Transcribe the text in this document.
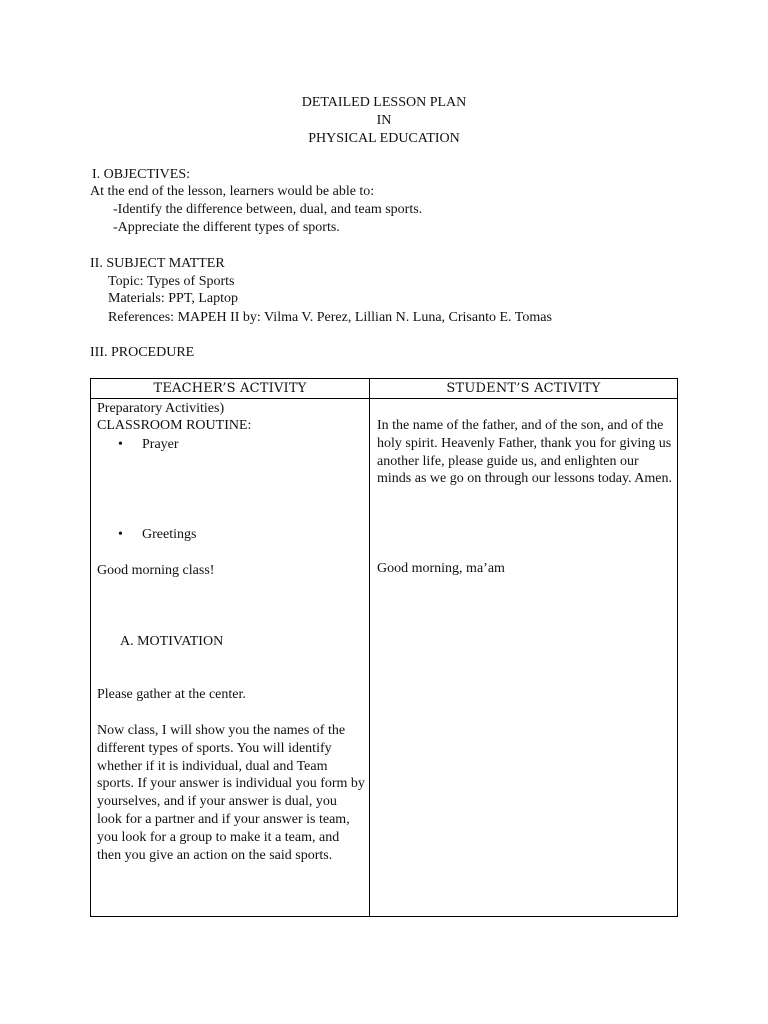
DETAILED LESSON PLAN
IN
PHYSICAL EDUCATION
I. OBJECTIVES:
At the end of the lesson, learners would be able to:
-Identify the difference between, dual, and team sports.
-Appreciate the different types of sports.
II. SUBJECT MATTER
Topic: Types of Sports
Materials: PPT, Laptop
References: MAPEH II by: Vilma V. Perez, Lillian N. Luna, Crisanto E. Tomas
III. PROCEDURE
TEACHER’S ACTIVITY	STUDENT’S ACTIVITY
Preparatory Activities)
CLASSROOM ROUTINE:
• Prayer
• Greetings
Good morning class!
A. MOTIVATION
Please gather at the center.
Now class, I will show you the names of the different types of sports. You will identify whether if it is individual, dual and Team sports. If your answer is individual you form by yourselves, and if your answer is dual, you look for a partner and if your answer is team, you look for a group to make it a team, and then you give an action on the said sports.
In the name of the father, and of the son, and of the holy spirit. Heavenly Father, thank you for giving us another life, please guide us, and enlighten our minds as we go on through our lessons today. Amen.
Good morning, ma’am
